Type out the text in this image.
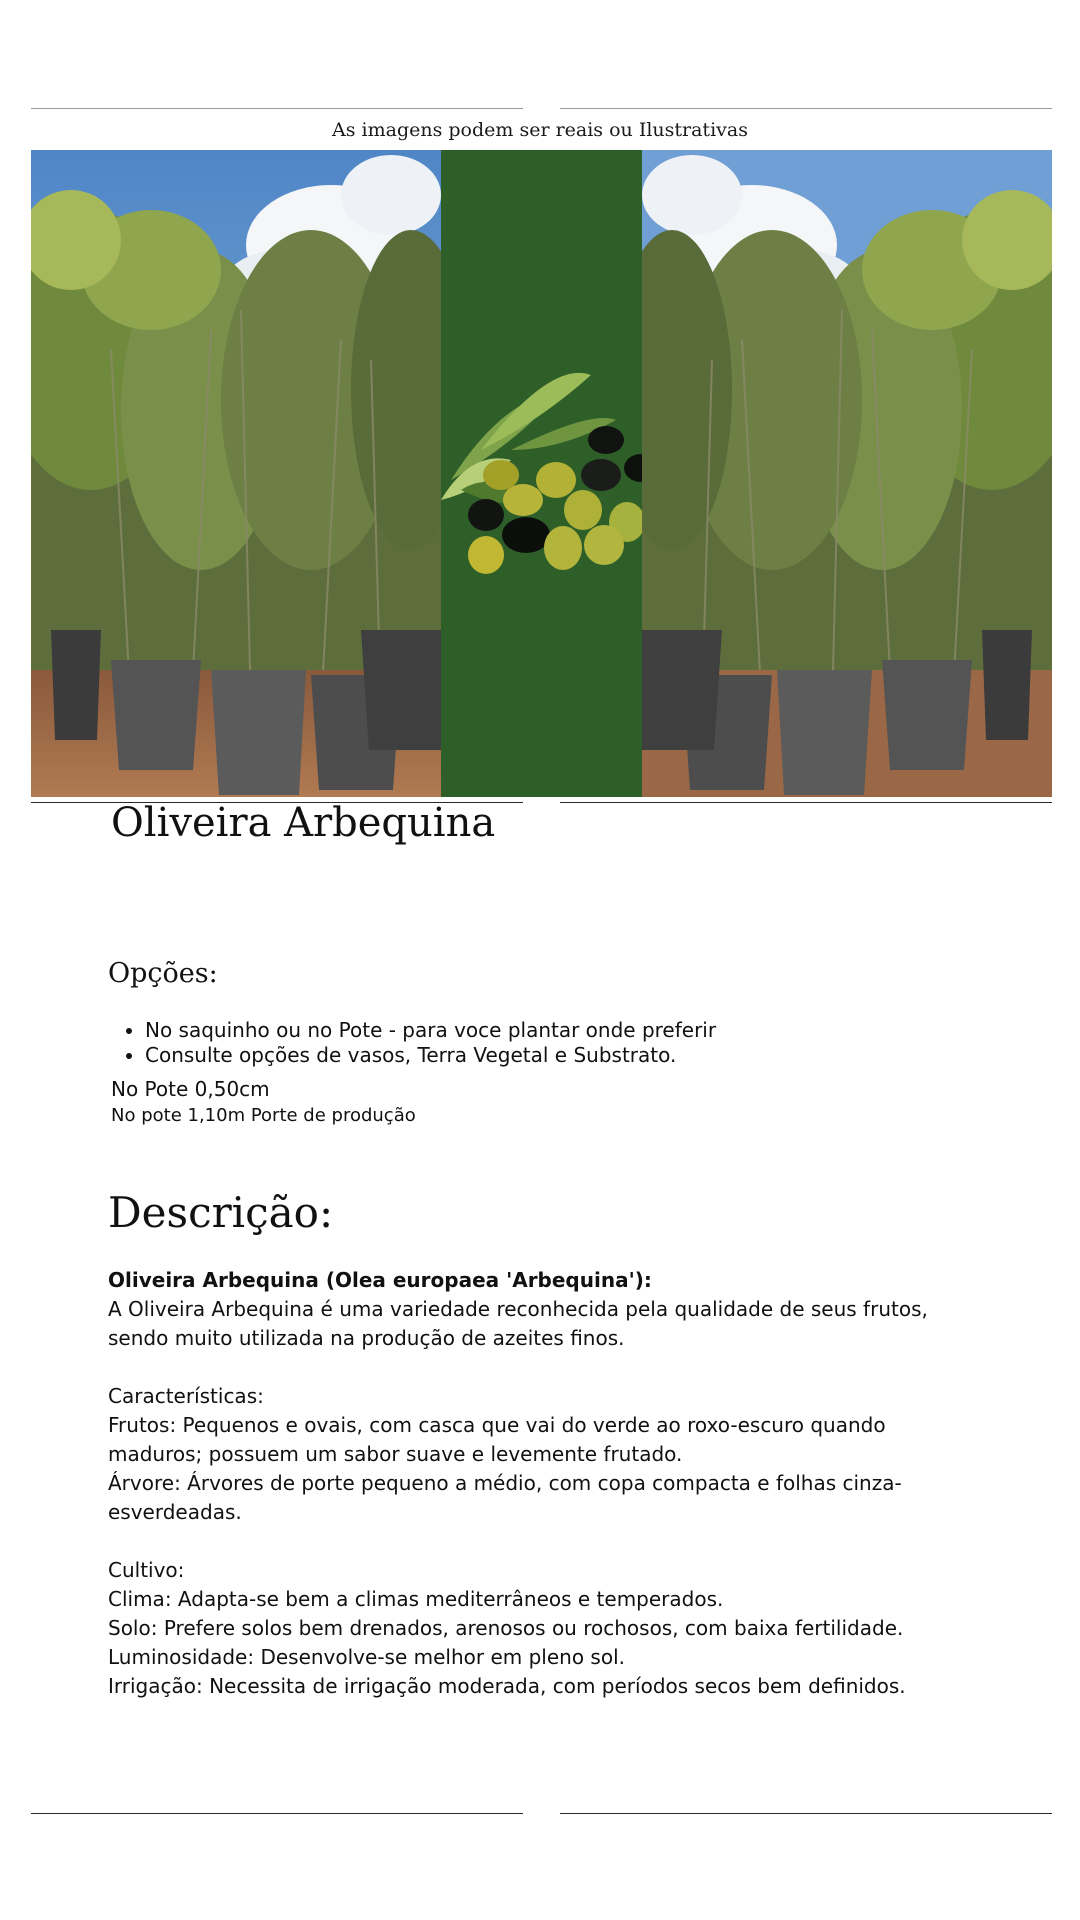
As imagens podem ser reais ou Ilustrativas
Oliveira Arbequina
Opções:
• No saquinho ou no Pote - para voce plantar onde preferir
• Consulte opções de vasos, Terra Vegetal e Substrato.

No Pote 0,50cm

No pote 1,10m Porte de produção

Descrição:

Oliveira Arbequina (Olea europaea 'Arbequina'):

A Oliveira Arbequina é uma variedade reconhecida pela qualidade de seus frutos,

sendo muito utilizada na produção de azeites finos.

Características:

Frutos: Pequenos e ovais, com casca que vai do verde ao roxo-escuro quando

maduros; possuem um sabor suave e levemente frutado.

Árvore: Árvores de porte pequeno a médio, com copa compacta e folhas cinza-

esverdeadas.

Cultivo:

Clima: Adapta-se bem a climas mediterrâneos e temperados.

Solo: Prefere solos bem drenados, arenosos ou rochosos, com baixa fertilidade.

Luminosidade: Desenvolve-se melhor em pleno sol.

Irrigação: Necessita de irrigação moderada, com períodos secos bem definidos.
